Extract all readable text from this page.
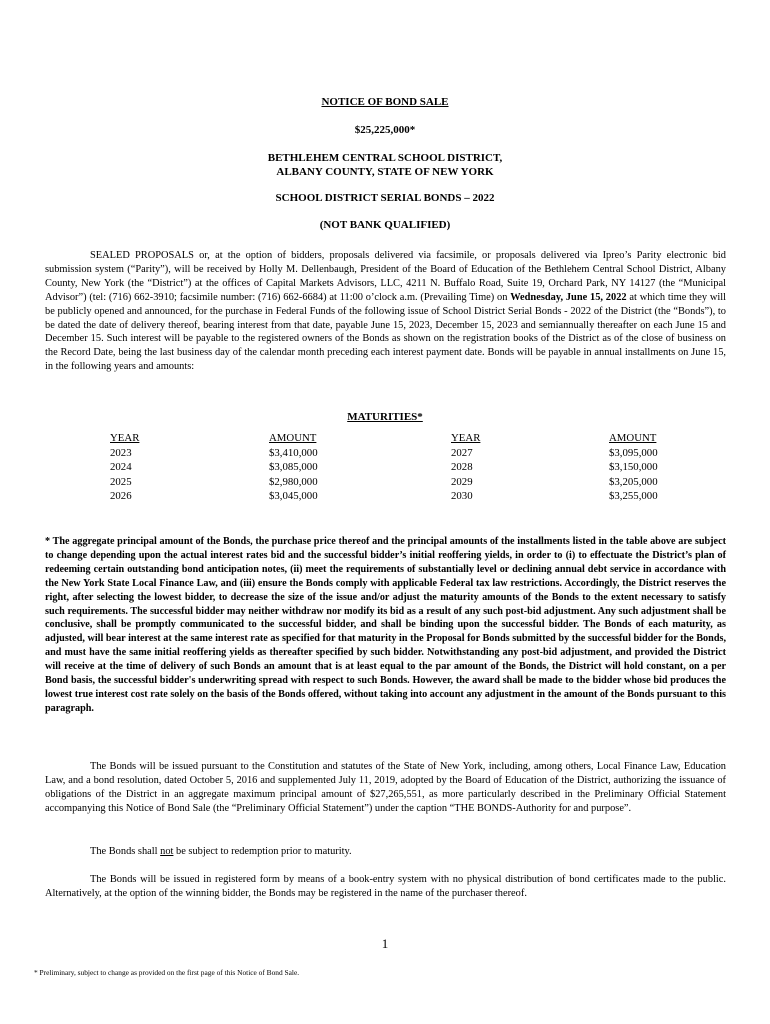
NOTICE OF BOND SALE
$25,225,000*
BETHLEHEM CENTRAL SCHOOL DISTRICT,
ALBANY COUNTY, STATE OF NEW YORK
SCHOOL DISTRICT SERIAL BONDS – 2022
(NOT BANK QUALIFIED)
SEALED PROPOSALS or, at the option of bidders, proposals delivered via facsimile, or proposals delivered via Ipreo’s Parity electronic bid submission system (“Parity”), will be received by Holly M. Dellenbaugh, President of the Board of Education of the Bethlehem Central School District, Albany County, New York (the “District”) at the offices of Capital Markets Advisors, LLC, 4211 N. Buffalo Road, Suite 19, Orchard Park, NY 14127 (the “Municipal Advisor”) (tel: (716) 662-3910; facsimile number: (716) 662-6684) at 11:00 o’clock a.m. (Prevailing Time) on Wednesday, June 15, 2022 at which time they will be publicly opened and announced, for the purchase in Federal Funds of the following issue of School District Serial Bonds - 2022 of the District (the “Bonds”), to be dated the date of delivery thereof, bearing interest from that date, payable June 15, 2023, December 15, 2023 and semiannually thereafter on each June 15 and December 15. Such interest will be payable to the registered owners of the Bonds as shown on the registration books of the District as of the close of business on the Record Date, being the last business day of the calendar month preceding each interest payment date. Bonds will be payable in annual installments on June 15, in the following years and amounts:
MATURITIES*
YEAR
2023
2024
2025
2026
AMOUNT
$3,410,000
$3,085,000
$2,980,000
$3,045,000
YEAR
2027
2028
2029
2030
AMOUNT
$3,095,000
$3,150,000
$3,205,000
$3,255,000
* The aggregate principal amount of the Bonds, the purchase price thereof and the principal amounts of the installments listed in the table above are subject to change depending upon the actual interest rates bid and the successful bidder’s initial reoffering yields, in order to (i) to effectuate the District’s plan of redeeming certain outstanding bond anticipation notes, (ii) meet the requirements of substantially level or declining annual debt service in accordance with the New York State Local Finance Law, and (iii) ensure the Bonds comply with applicable Federal tax law restrictions. Accordingly, the District reserves the right, after selecting the lowest bidder, to decrease the size of the issue and/or adjust the maturity amounts of the Bonds to the extent necessary to satisfy such requirements. The successful bidder may neither withdraw nor modify its bid as a result of any such post-bid adjustment. Any such adjustment shall be conclusive, shall be promptly communicated to the successful bidder, and shall be binding upon the successful bidder. The Bonds of each maturity, as adjusted, will bear interest at the same interest rate as specified for that maturity in the Proposal for Bonds submitted by the successful bidder for the Bonds, and must have the same initial reoffering yields as thereafter specified by such bidder. Notwithstanding any post-bid adjustment, and provided the District will receive at the time of delivery of such Bonds an amount that is at least equal to the par amount of the Bonds, the District will hold constant, on a per Bond basis, the successful bidder's underwriting spread with respect to such Bonds. However, the award shall be made to the bidder whose bid produces the lowest true interest cost rate solely on the basis of the Bonds offered, without taking into account any adjustment in the amount of the Bonds pursuant to this paragraph.
The Bonds will be issued pursuant to the Constitution and statutes of the State of New York, including, among others, Local Finance Law, Education Law, and a bond resolution, dated October 5, 2016 and supplemented July 11, 2019, adopted by the Board of Education of the District, authorizing the issuance of obligations of the District in an aggregate maximum principal amount of $27,265,551, as more particularly described in the Preliminary Official Statement accompanying this Notice of Bond Sale (the “Preliminary Official Statement”) under the caption “THE BONDS-Authority for and purpose”.
The Bonds shall not be subject to redemption prior to maturity.
The Bonds will be issued in registered form by means of a book-entry system with no physical distribution of bond certificates made to the public. Alternatively, at the option of the winning bidder, the Bonds may be registered in the name of the purchaser thereof.
1
* Preliminary, subject to change as provided on the first page of this Notice of Bond Sale.
